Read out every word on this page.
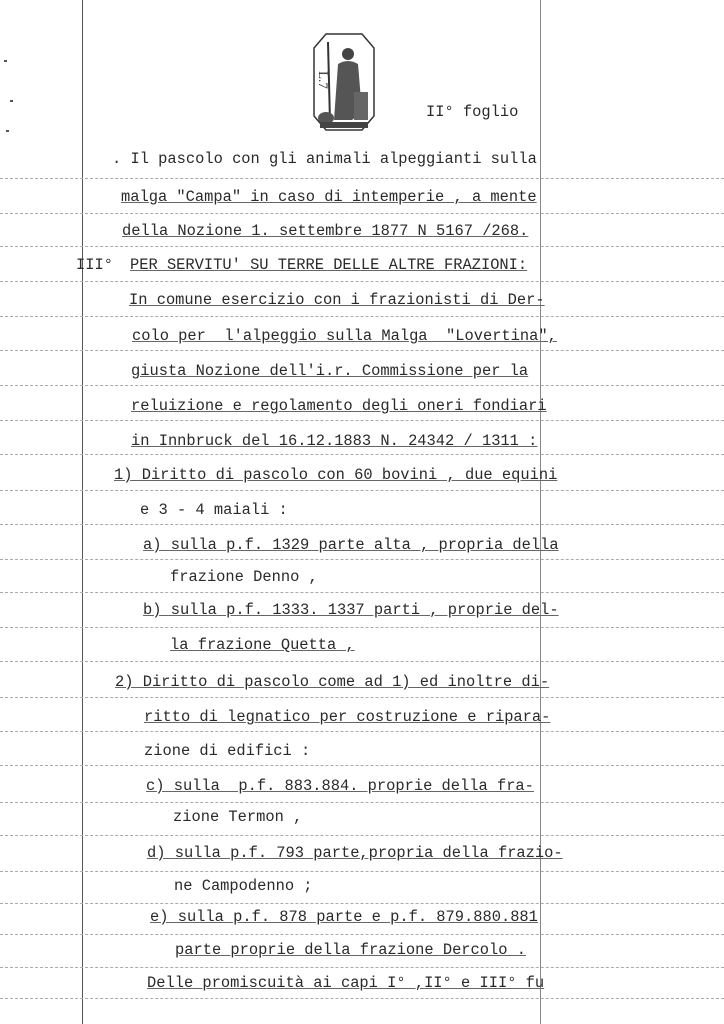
L.7
II° foglio
. Il pascolo con gli animali alpeggianti sulla
malga "Campa" in caso di intemperie , a mente
della Nozione 1. settembre 1877 N 5167 /268.
III° PER SERVITU' SU TERRE DELLE ALTRE FRAZIONI:
In comune esercizio con i frazionisti di Der-
colo per  l'alpeggio sulla Malga  "Lovertina",
giusta Nozione dell'i.r. Commissione per la
reluizione e regolamento degli oneri fondiari
in Innbruck del 16.12.1883 N. 24342 / 1311 :
1) Diritto di pascolo con 60 bovini , due equini
e 3 - 4 maiali :
a) sulla p.f. 1329 parte alta , propria della
frazione Denno ,
b) sulla p.f. 1333. 1337 parti , proprie del-
la frazione Quetta ,
2) Diritto di pascolo come ad 1) ed inoltre di-
ritto di legnatico per costruzione e ripara-
zione di edifici :
c) sulla  p.f. 883.884. proprie della fra-
zione Termon ,
d) sulla p.f. 793 parte,propria della frazio-
ne Campodenno ;
e) sulla p.f. 878 parte e p.f. 879.880.881
parte proprie della frazione Dercolo .
Delle promiscuità ai capi I° ,II° e III° fu
